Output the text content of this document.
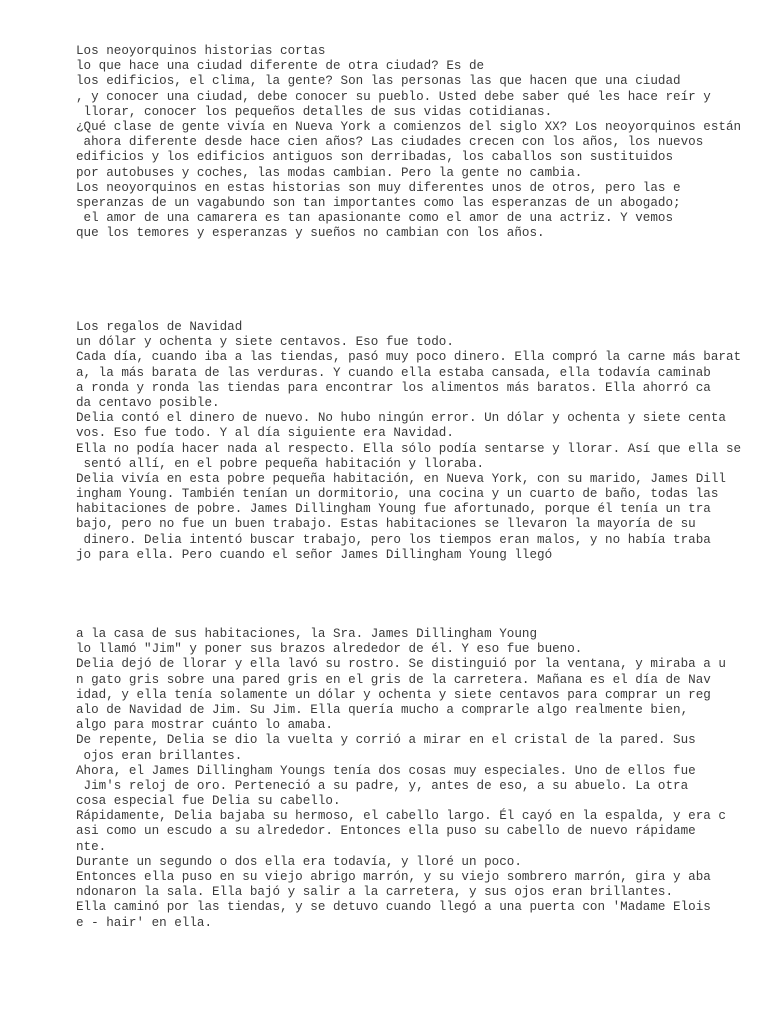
Los neoyorquinos historias cortas
lo que hace una ciudad diferente de otra ciudad? Es de
los edificios, el clima, la gente? Son las personas las que hacen que una ciudad
, y conocer una ciudad, debe conocer su pueblo. Usted debe saber qué les hace reír y
llorar, conocer los pequeños detalles de sus vidas cotidianas.
¿Qué clase de gente vivía en Nueva York a comienzos del siglo XX? Los neoyorquinos están
ahora diferente desde hace cien años? Las ciudades crecen con los años, los nuevos
edificios y los edificios antiguos son derribadas, los caballos son sustituidos
por autobuses y coches, las modas cambian. Pero la gente no cambia.
Los neoyorquinos en estas historias son muy diferentes unos de otros, pero las e
speranzas de un vagabundo son tan importantes como las esperanzas de un abogado;
el amor de una camarera es tan apasionante como el amor de una actriz. Y vemos
que los temores y esperanzas y sueños no cambian con los años.
Los regalos de Navidad
un dólar y ochenta y siete centavos. Eso fue todo.
Cada día, cuando iba a las tiendas, pasó muy poco dinero. Ella compró la carne más barat
a, la más barata de las verduras. Y cuando ella estaba cansada, ella todavía caminab
a ronda y ronda las tiendas para encontrar los alimentos más baratos. Ella ahorró ca
da centavo posible.
Delia contó el dinero de nuevo. No hubo ningún error. Un dólar y ochenta y siete centa
vos. Eso fue todo. Y al día siguiente era Navidad.
Ella no podía hacer nada al respecto. Ella sólo podía sentarse y llorar. Así que ella se
sentó allí, en el pobre pequeña habitación y lloraba.
Delia vivía en esta pobre pequeña habitación, en Nueva York, con su marido, James Dill
ingham Young. También tenían un dormitorio, una cocina y un cuarto de baño, todas las
habitaciones de pobre. James Dillingham Young fue afortunado, porque él tenía un tra
bajo, pero no fue un buen trabajo. Estas habitaciones se llevaron la mayoría de su
dinero. Delia intentó buscar trabajo, pero los tiempos eran malos, y no había traba
jo para ella. Pero cuando el señor James Dillingham Young llegó
a la casa de sus habitaciones, la Sra. James Dillingham Young
lo llamó "Jim" y poner sus brazos alrededor de él. Y eso fue bueno.
Delia dejó de llorar y ella lavó su rostro. Se distinguió por la ventana, y miraba a u
n gato gris sobre una pared gris en el gris de la carretera. Mañana es el día de Nav
idad, y ella tenía solamente un dólar y ochenta y siete centavos para comprar un reg
alo de Navidad de Jim. Su Jim. Ella quería mucho a comprarle algo realmente bien,
algo para mostrar cuánto lo amaba.
De repente, Delia se dio la vuelta y corrió a mirar en el cristal de la pared. Sus
ojos eran brillantes.
Ahora, el James Dillingham Youngs tenía dos cosas muy especiales. Uno de ellos fue
Jim's reloj de oro. Perteneció a su padre, y, antes de eso, a su abuelo. La otra
cosa especial fue Delia su cabello.
Rápidamente, Delia bajaba su hermoso, el cabello largo. Él cayó en la espalda, y era c
asi como un escudo a su alrededor. Entonces ella puso su cabello de nuevo rápidame
nte.
Durante un segundo o dos ella era todavía, y lloré un poco.
Entonces ella puso en su viejo abrigo marrón, y su viejo sombrero marrón, gira y aba
ndonaron la sala. Ella bajó y salir a la carretera, y sus ojos eran brillantes.
Ella caminó por las tiendas, y se detuvo cuando llegó a una puerta con 'Madame Elois
e - hair' en ella.
